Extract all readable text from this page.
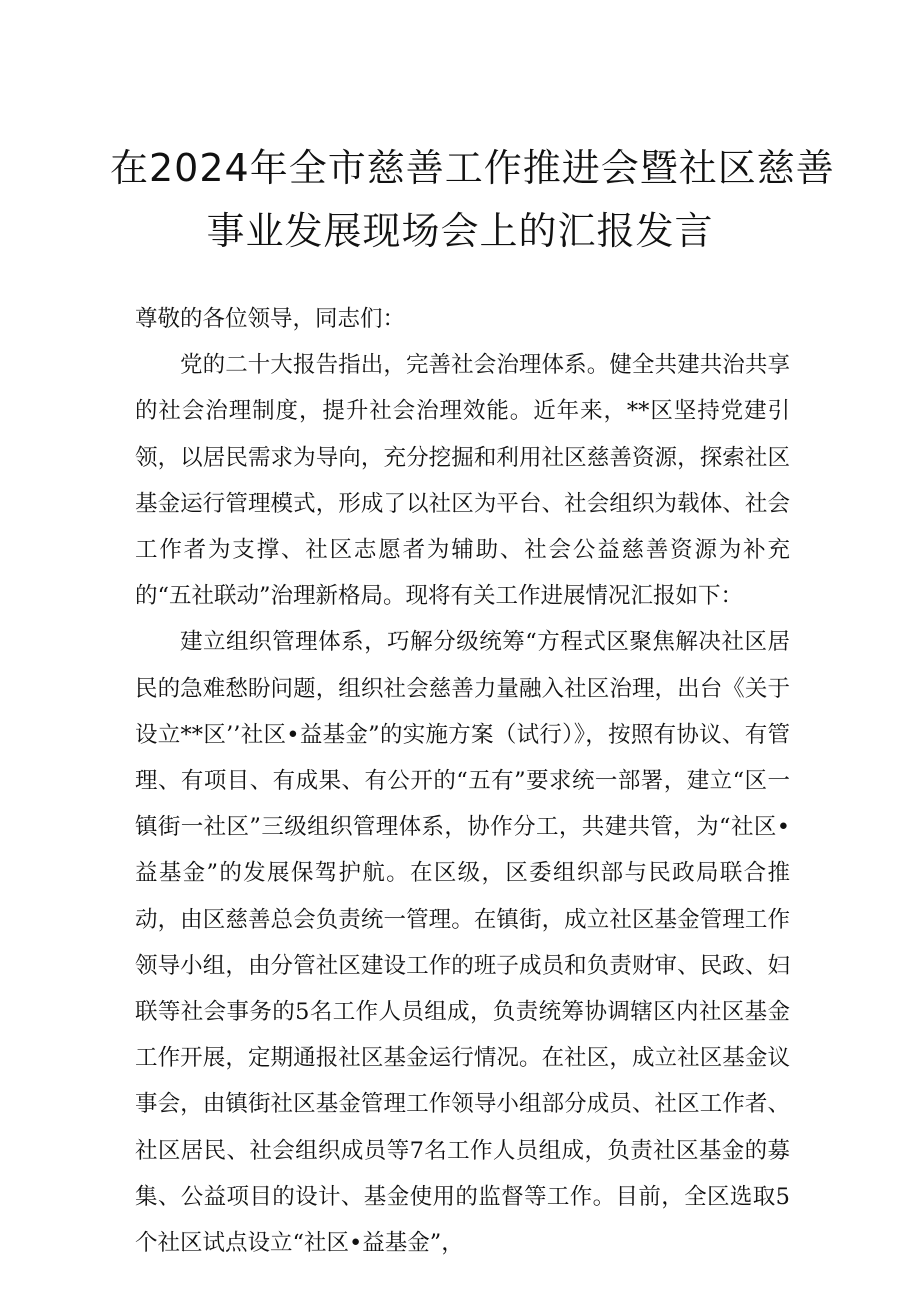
在2024年全市慈善工作推进会暨社区慈善
事业发展现场会上的汇报发言

尊敬的各位领导，同志们：

党的二十大报告指出，完善社会治理体系。健全共建共治共享的社会治理制度，提升社会治理效能。近年来，**区坚持党建引领，以居民需求为导向，充分挖掘和利用社区慈善资源，探索社区基金运行管理模式，形成了以社区为平台、社会组织为载体、社会工作者为支撑、社区志愿者为辅助、社会公益慈善资源为补充的“五社联动”治理新格局。现将有关工作进展情况汇报如下：

建立组织管理体系，巧解分级统筹“方程式区聚焦解决社区居民的急难愁盼问题，组织社会慈善力量融入社区治理，出台《关于设立**区’’社区•益基金”的实施方案（试行）》，按照有协议、有管理、有项目、有成果、有公开的“五有”要求统一部署，建立“区一镇街一社区”三级组织管理体系，协作分工，共建共管，为“社区•益基金”的发展保驾护航。在区级，区委组织部与民政局联合推动，由区慈善总会负责统一管理。在镇街，成立社区基金管理工作领导小组，由分管社区建设工作的班子成员和负责财审、民政、妇联等社会事务的5名工作人员组成，负责统筹协调辖区内社区基金工作开展，定期通报社区基金运行情况。在社区，成立社区基金议事会，由镇街社区基金管理工作领导小组部分成员、社区工作者、社区居民、社会组织成员等7名工作人员组成，负责社区基金的募集、公益项目的设计、基金使用的监督等工作。目前，全区选取5个社区试点设立“社区•益基金”，
